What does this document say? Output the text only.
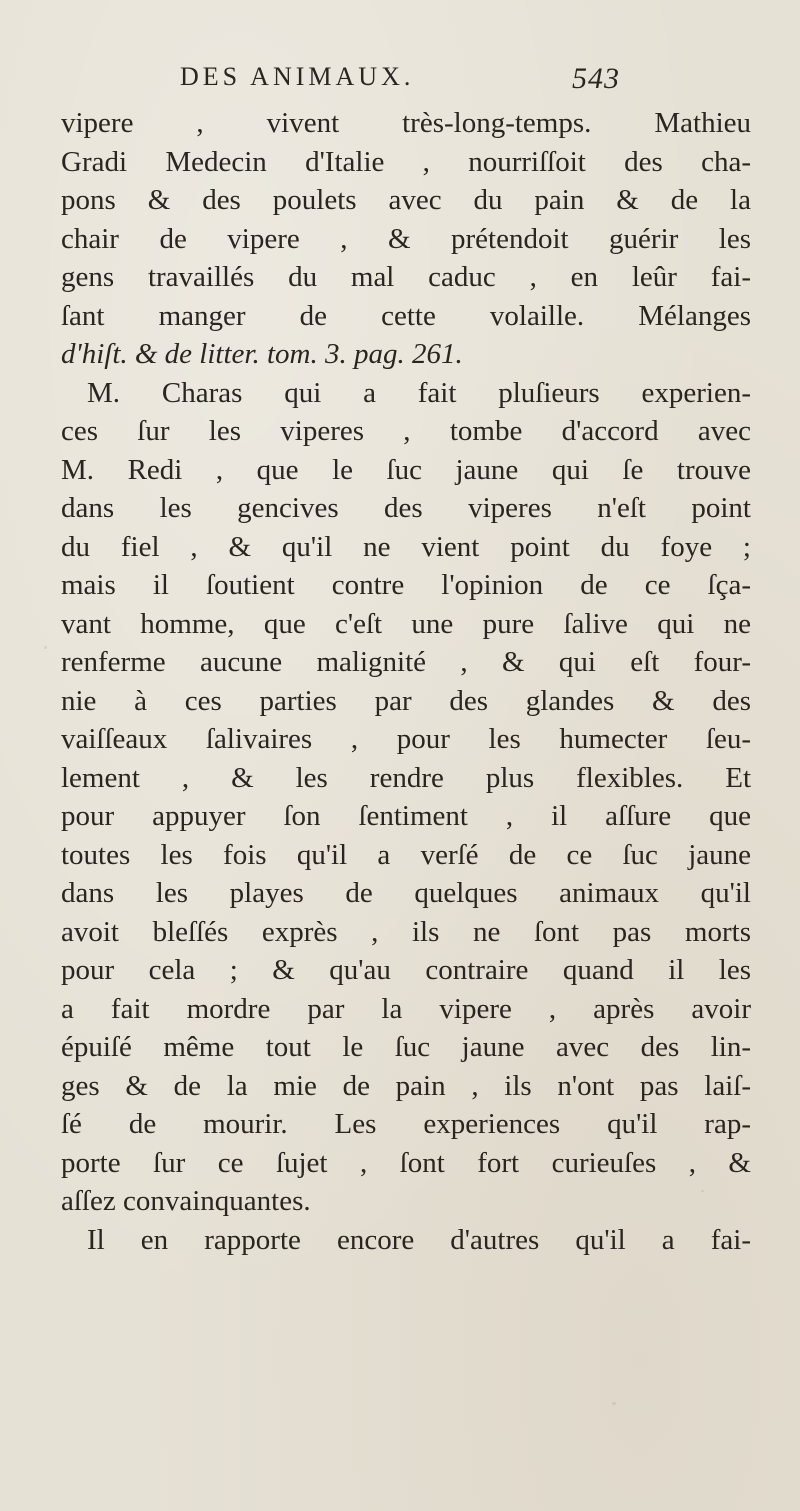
DES ANIMAUX.	543
vipere , vivent très-long-temps. Mathieu
Gradi Medecin d'Italie , nourriſſoit des cha-
pons & des poulets avec du pain & de la
chair de vipere , & prétendoit guérir les
gens travaillés du mal caduc , en leûr fai-
ſant manger de cette volaille. Mélanges
d'hiſt. & de litter. tom. 3. pag. 261.
M. Charas qui a fait pluſieurs experien-
ces ſur les viperes , tombe d'accord avec
M. Redi , que le ſuc jaune qui ſe trouve
dans les gencives des viperes n'eſt point
du fiel , & qu'il ne vient point du foye ;
mais il ſoutient contre l'opinion de ce ſça-
vant homme, que c'eſt une pure ſalive qui ne
renferme aucune malignité , & qui eſt four-
nie à ces parties par des glandes & des
vaiſſeaux ſalivaires , pour les humecter ſeu-
lement , & les rendre plus flexibles. Et
pour appuyer ſon ſentiment , il aſſure que
toutes les fois qu'il a verſé de ce ſuc jaune
dans les playes de quelques animaux qu'il
avoit bleſſés exprès , ils ne ſont pas morts
pour cela ; & qu'au contraire quand il les
a fait mordre par la vipere , après avoir
épuiſé même tout le ſuc jaune avec des lin-
ges & de la mie de pain , ils n'ont pas laiſ-
ſé de mourir. Les experiences qu'il rap-
porte ſur ce ſujet , ſont fort curieuſes , &
aſſez convainquantes.
Il en rapporte encore d'autres qu'il a fai-
